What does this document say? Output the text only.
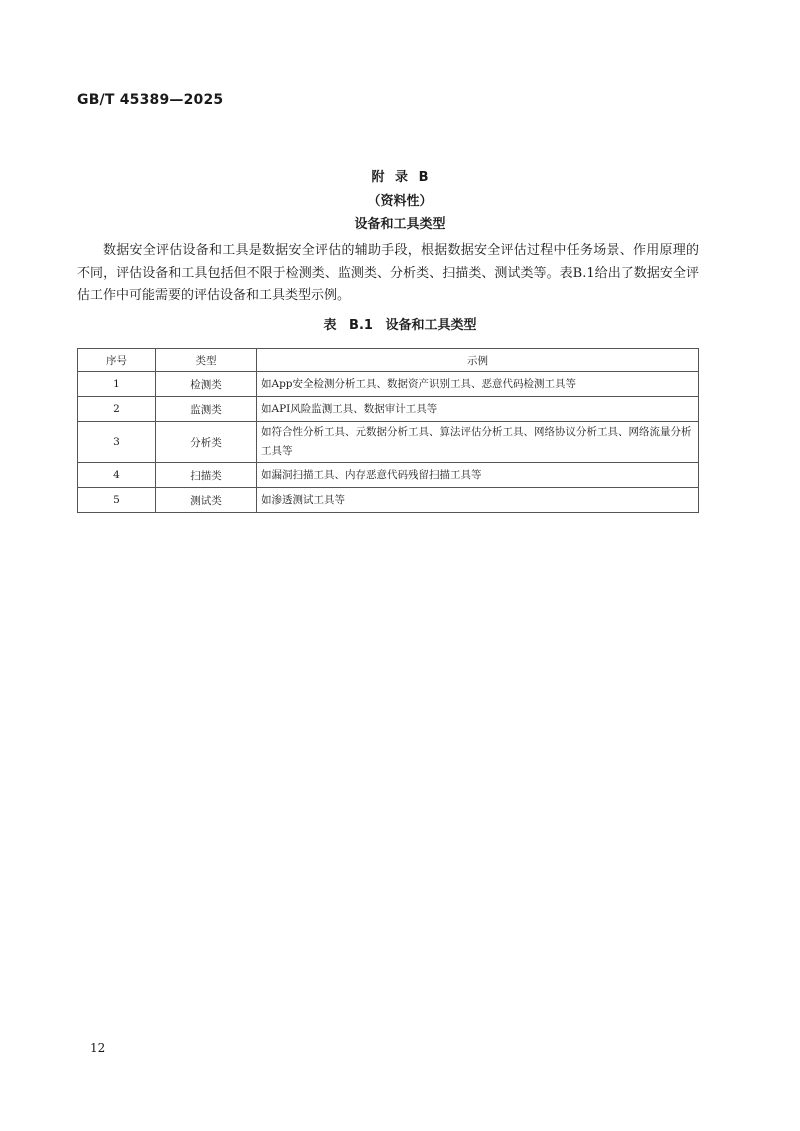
GB/T 45389—2025
附 录 B
（资料性）
设备和工具类型

数据安全评估设备和工具是数据安全评估的辅助手段，根据数据安全评估过程中任务场景、作用原理的不同，评估设备和工具包括但不限于检测类、监测类、分析类、扫描类、测试类等。表B.1给出了数据安全评估工作中可能需要的评估设备和工具类型示例。

表 B.1 设备和工具类型
序号	类型	示例
1	检测类	如App安全检测分析工具、数据资产识别工具、恶意代码检测工具等
2	监测类	如API风险监测工具、数据审计工具等
3	分析类	如符合性分析工具、元数据分析工具、算法评估分析工具、网络协议分析工具、网络流量分析工具等
4	扫描类	如漏洞扫描工具、内存恶意代码残留扫描工具等
5	测试类	如渗透测试工具等
12
